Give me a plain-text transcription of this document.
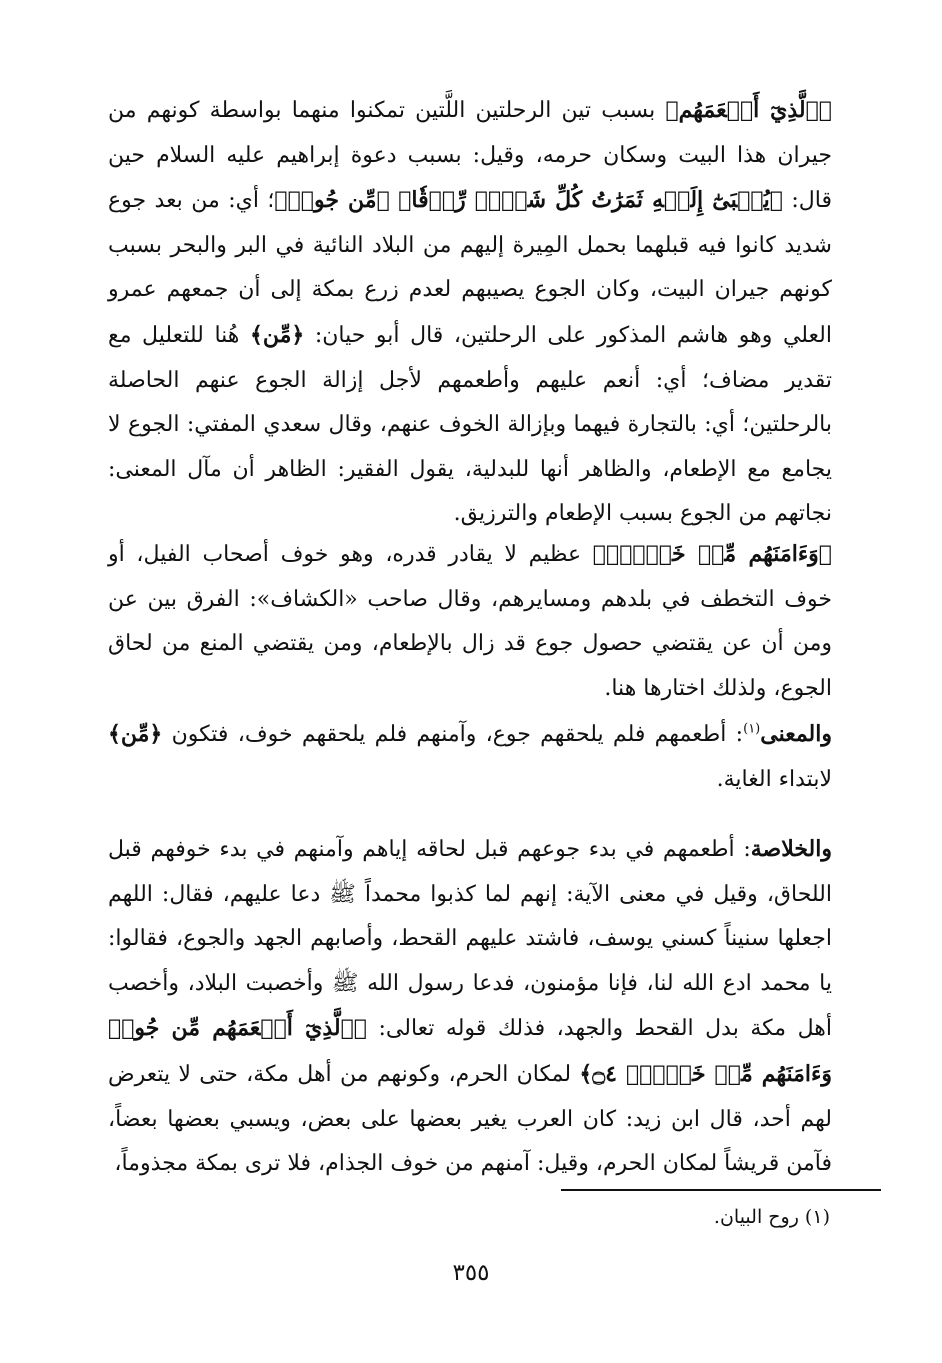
﴿ٱلَّذِيٓ أَطۡعَمَهُم﴾ بسبب تين الرحلتين اللَّتين تمكنوا منهما بواسطة كونهم من جيران هذا البيت وسكان حرمه، وقيل: بسبب دعوة إبراهيم عليه السلام حين قال: ﴿يُجۡبَىٰٓ إِلَيۡهِ ثَمَرَٰتُ كُلِّ شَيۡءٖ رِّزۡقٗا﴾ ﴿مِّن جُوعٖ﴾؛ أي: من بعد جوع شديد كانوا فيه قبلهما بحمل المِيرة إليهم من البلاد النائية في البر والبحر بسبب كونهم جيران البيت، وكان الجوع يصيبهم لعدم زرع بمكة إلى أن جمعهم عمرو العلي وهو هاشم المذكور على الرحلتين، قال أبو حيان: ﴿مِّن﴾ هُنا للتعليل مع تقدير مضاف؛ أي: أنعم عليهم وأطعمهم لأجل إزالة الجوع عنهم الحاصلة بالرحلتين؛ أي: بالتجارة فيهما وبإزالة الخوف عنهم، وقال سعدي المفتي: الجوع لا يجامع مع الإطعام، والظاهر أنها للبدلية، يقول الفقير: الظاهر أن مآل المعنى: نجاتهم من الجوع بسبب الإطعام والترزيق.

﴿وَءَامَنَهُم مِّنۡ خَوۡفِۭ﴾ عظيم لا يقادر قدره، وهو خوف أصحاب الفيل، أو خوف التخطف في بلدهم ومسايرهم، وقال صاحب «الكشاف»: الفرق بين عن ومن أن عن يقتضي حصول جوع قد زال بالإطعام، ومن يقتضي المنع من لحاق الجوع، ولذلك اختارها هنا.

والمعنى$^{(١)}$: أطعمهم فلم يلحقهم جوع، وآمنهم فلم يلحقهم خوف، فتكون ﴿مِّن﴾ لابتداء الغاية.

والخلاصة: أطعمهم في بدء جوعهم قبل لحاقه إياهم وآمنهم في بدء خوفهم قبل اللحاق، وقيل في معنى الآية: إنهم لما كذبوا محمداً ﷺ دعا عليهم، فقال: اللهم اجعلها سنيناً كسني يوسف، فاشتد عليهم القحط، وأصابهم الجهد والجوع، فقالوا: يا محمد ادع الله لنا، فإنا مؤمنون، فدعا رسول الله ﷺ وأخصبت البلاد، وأخصب أهل مكة بدل القحط والجهد، فذلك قوله تعالى: ﴿ٱلَّذِيٓ أَطۡعَمَهُم مِّن جُوعٖ وَءَامَنَهُم مِّنۡ خَوۡفِۭ ۝٤﴾ لمكان الحرم، وكونهم من أهل مكة، حتى لا يتعرض لهم أحد، قال ابن زيد: كان العرب يغير بعضها على بعض، ويسبي بعضها بعضاً، فآمن قريشاً لمكان الحرم، وقيل: آمنهم من خوف الجذام، فلا ترى بمكة مجذوماً،

(١) روح البيان.
٣٥٥
